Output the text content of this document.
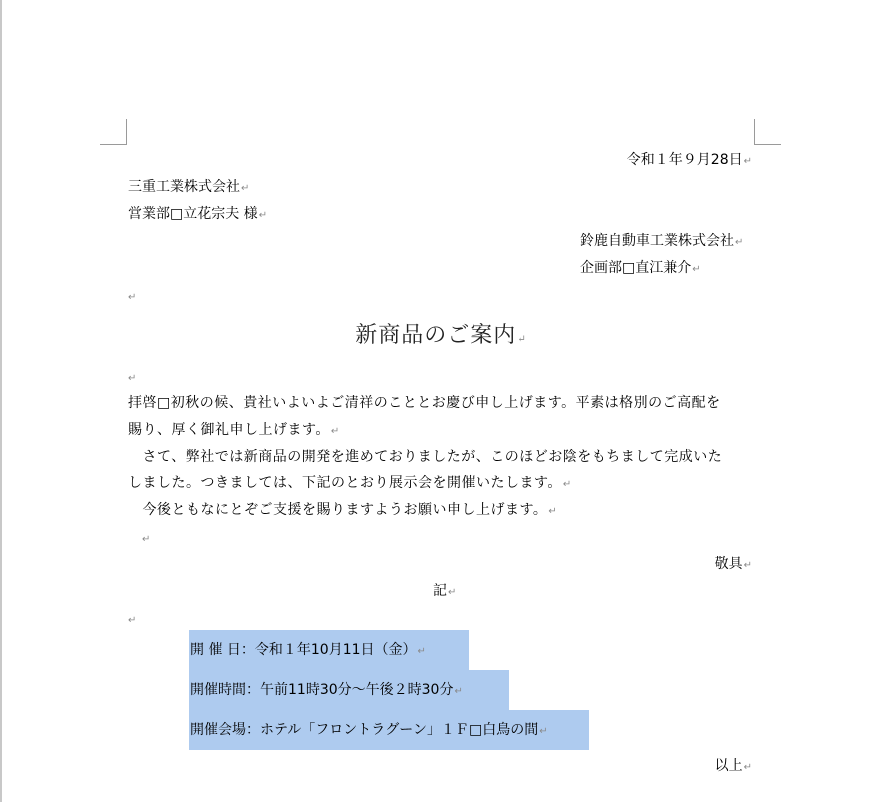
令和１年９月28日↵
三重工業株式会社↵
営業部□立花宗夫 様↵
鈴鹿自動車工業株式会社↵
企画部□直江兼介↵
↵
新商品のご案内↵
↵
拝啓□初秋の候、貴社いよいよご清祥のこととお慶び申し上げます。平素は格別のご高配を
賜り、厚く御礼申し上げます。↵
　さて、弊社では新商品の開発を進めておりましたが、このほどお陰をもちまして完成いた
しました。つきましては、下記のとおり展示会を開催いたします。↵
　今後ともなにとぞご支援を賜りますようお願い申し上げます。↵
↵
敬具↵
記↵
↵
開 催 日：令和１年10月11日（金）↵
開催時間：午前11時30分～午後２時30分↵
開催会場：ホテル「フロントラグーン」１Ｆ□白鳥の間↵
以上↵
